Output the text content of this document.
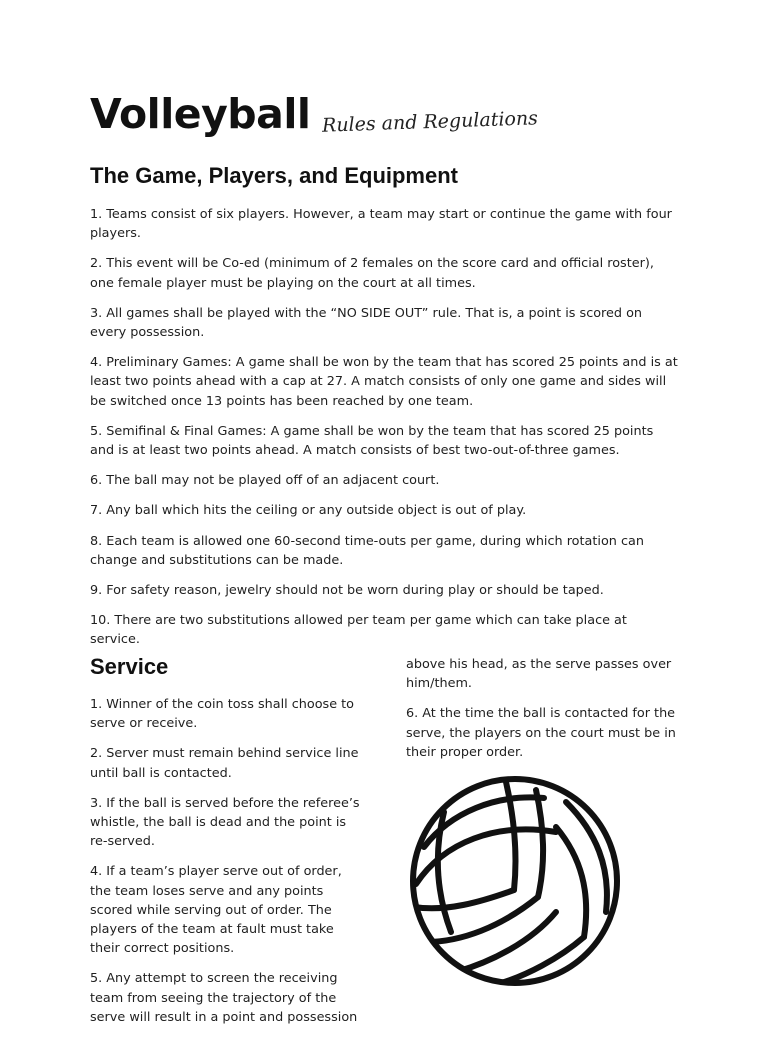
Volleyball Rules and Regulations
The Game, Players, and Equipment

1. Teams consist of six players. However, a team may start or continue the game with four players.

2. This event will be Co-ed (minimum of 2 females on the score card and official roster), one female player must be playing on the court at all times.

3. All games shall be played with the “NO SIDE OUT” rule. That is, a point is scored on every possession.

4. Preliminary Games: A game shall be won by the team that has scored 25 points and is at least two points ahead with a cap at 27. A match consists of only one game and sides will be switched once 13 points has been reached by one team.

5. Semifinal & Final Games: A game shall be won by the team that has scored 25 points and is at least two points ahead. A match consists of best two-out-of-three games.

6. The ball may not be played off of an adjacent court.

7. Any ball which hits the ceiling or any outside object is out of play.

8. Each team is allowed one 60-second time-outs per game, during which rotation can change and substitutions can be made.

9. For safety reason, jewelry should not be worn during play or should be taped.

10. There are two substitutions allowed per team per game which can take place at service.

Service

1. Winner of the coin toss shall choose to serve or receive.

2. Server must remain behind service line until ball is contacted.

3. If the ball is served before the referee’s whistle, the ball is dead and the point is re-served.

4. If a team’s player serve out of order, the team loses serve and any points scored while serving out of order. The players of the team at fault must take their correct positions.

5. Any attempt to screen the receiving team from seeing the trajectory of the serve will result in a point and possession

above his head, as the serve passes over him/them.

6. At the time the ball is contacted for the serve, the players on the court must be in their proper order.
